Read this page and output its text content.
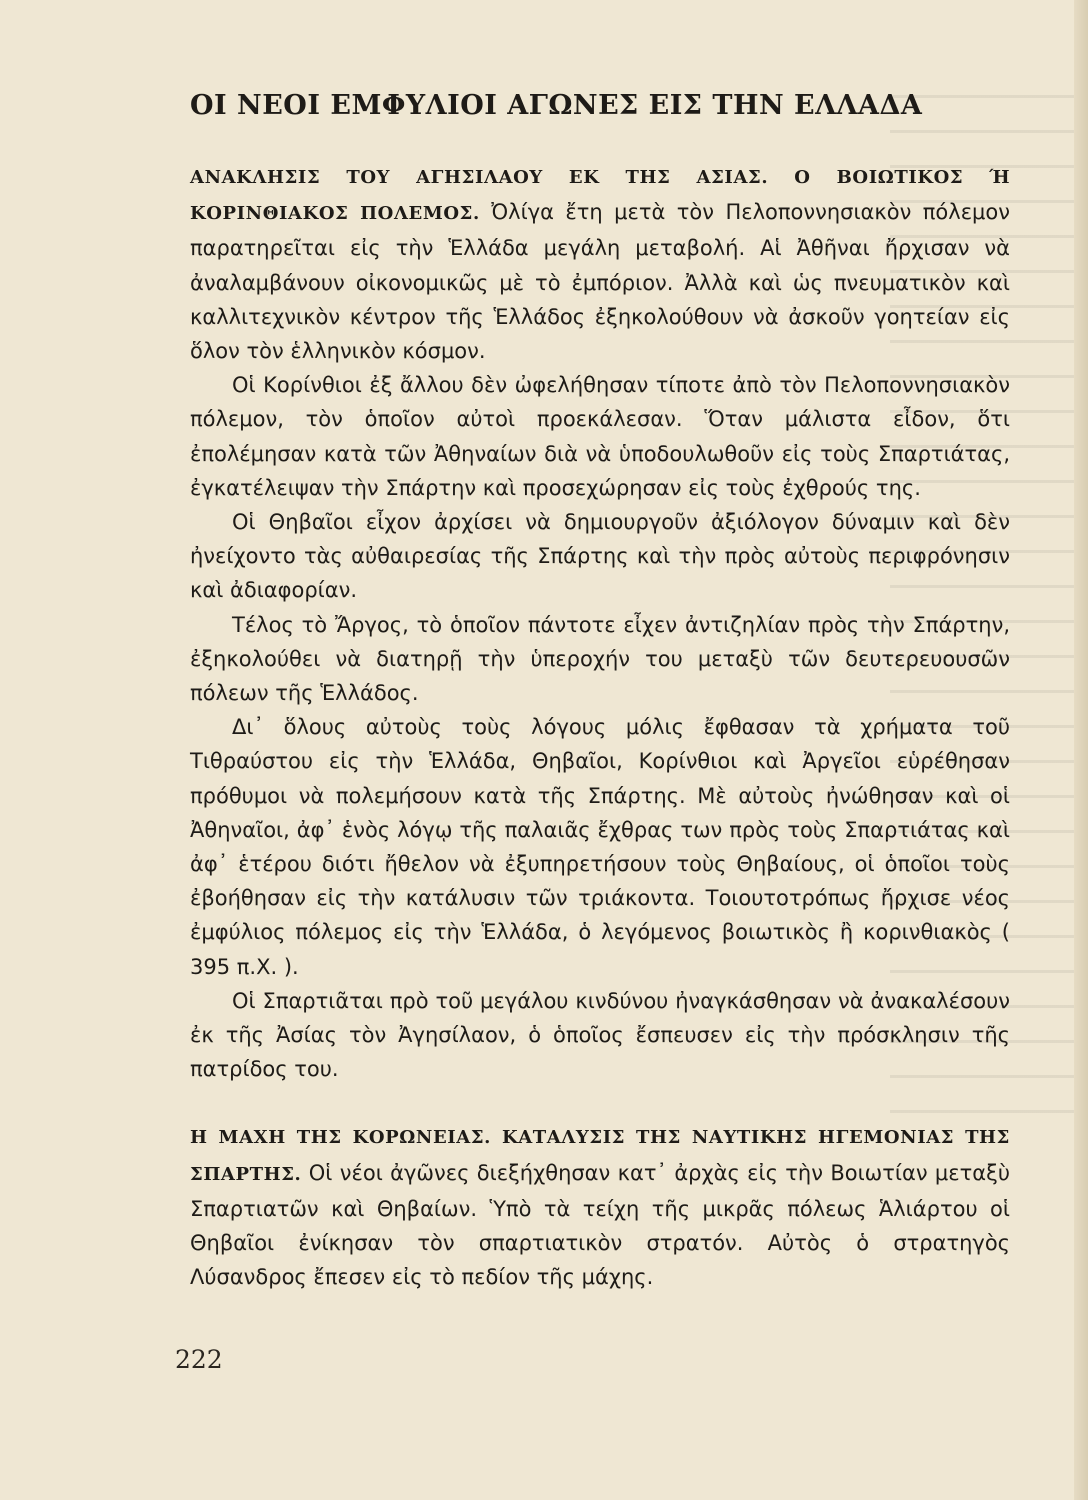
ΟΙ ΝΕΟΙ ΕΜΦΥΛΙΟΙ ΑΓΩΝΕΣ ΕΙΣ ΤΗΝ ΕΛΛΑΔΑ

ΑΝΑΚΛΗΣΙΣ ΤΟΥ ΑΓΗΣΙΛΑΟΥ ΕΚ ΤΗΣ ΑΣΙΑΣ. Ο ΒΟΙΩΤΙΚΟΣ Ή ΚΟΡΙΝΘΙΑΚΟΣ ΠΟΛΕΜΟΣ. Ὀλίγα ἔτη μετὰ τὸν Πελοποννησιακὸν πόλεμον παρατηρεῖται εἰς τὴν Ἑλλάδα μεγάλη μεταβολή. Αἱ Ἀθῆναι ἤρχισαν νὰ ἀναλαμβάνουν οἰκονομικῶς μὲ τὸ ἐμπόριον. Ἀλλὰ καὶ ὡς πνευματικὸν καὶ καλλιτεχνικὸν κέντρον τῆς Ἑλλάδος ἐξηκολούθουν νὰ ἀσκοῦν γοητείαν εἰς ὅλον τὸν ἑλληνικὸν κόσμον.

Οἱ Κορίνθιοι ἐξ ἄλλου δὲν ὠφελήθησαν τίποτε ἀπὸ τὸν Πελοποννησιακὸν πόλεμον, τὸν ὁποῖον αὐτοὶ προεκάλεσαν. Ὅταν μάλιστα εἶδον, ὅτι ἐπολέμησαν κατὰ τῶν Ἀθηναίων διὰ νὰ ὑποδουλωθοῦν εἰς τοὺς Σπαρτιάτας, ἐγκατέλειψαν τὴν Σπάρτην καὶ προσεχώρησαν εἰς τοὺς ἐχθρούς της.

Οἱ Θηβαῖοι εἶχον ἀρχίσει νὰ δημιουργοῦν ἀξιόλογον δύναμιν καὶ δὲν ἠνείχοντο τὰς αὐθαιρεσίας τῆς Σπάρτης καὶ τὴν πρὸς αὐτοὺς περιφρόνησιν καὶ ἀδιαφορίαν.

Τέλος τὸ Ἄργος, τὸ ὁποῖον πάντοτε εἶχεν ἀντιζηλίαν πρὸς τὴν Σπάρτην, ἐξηκολούθει νὰ διατηρῇ τὴν ὑπεροχήν του μεταξὺ τῶν δευτερευουσῶν πόλεων τῆς Ἑλλάδος.

Δι᾽ ὅλους αὐτοὺς τοὺς λόγους μόλις ἔφθασαν τὰ χρήματα τοῦ Τιθραύστου εἰς τὴν Ἑλλάδα, Θηβαῖοι, Κορίνθιοι καὶ Ἀργεῖοι εὑρέθησαν πρόθυμοι νὰ πολεμήσουν κατὰ τῆς Σπάρτης. Μὲ αὐτοὺς ἠνώθησαν καὶ οἱ Ἀθηναῖοι, ἀφ᾽ ἑνὸς λόγῳ τῆς παλαιᾶς ἔχθρας των πρὸς τοὺς Σπαρτιάτας καὶ ἀφ᾽ ἑτέρου διότι ἤθελον νὰ ἐξυπηρετήσουν τοὺς Θηβαίους, οἱ ὁποῖοι τοὺς ἐβοήθησαν εἰς τὴν κατάλυσιν τῶν τριάκοντα. Τοιουτοτρόπως ἤρχισε νέος ἐμφύλιος πόλεμος εἰς τὴν Ἑλλάδα, ὁ λεγόμενος βοιωτικὸς ἢ κορινθιακὸς ( 395 π.Χ. ).

Οἱ Σπαρτιᾶται πρὸ τοῦ μεγάλου κινδύνου ἠναγκάσθησαν νὰ ἀνακαλέσουν ἐκ τῆς Ἀσίας τὸν Ἀγησίλαον, ὁ ὁποῖος ἔσπευσεν εἰς τὴν πρόσκλησιν τῆς πατρίδος του.

Η ΜΑΧΗ ΤΗΣ ΚΟΡΩΝΕΙΑΣ. ΚΑΤΑΛΥΣΙΣ ΤΗΣ ΝΑΥΤΙΚΗΣ ΗΓΕΜΟΝΙΑΣ ΤΗΣ ΣΠΑΡΤΗΣ. Οἱ νέοι ἀγῶνες διεξήχθησαν κατ᾽ ἀρχὰς εἰς τὴν Βοιωτίαν μεταξὺ Σπαρτιατῶν καὶ Θηβαίων. Ὑπὸ τὰ τείχη τῆς μικρᾶς πόλεως Ἁλιάρτου οἱ Θηβαῖοι ἐνίκησαν τὸν σπαρτιατικὸν στρατόν. Αὐτὸς ὁ στρατηγὸς Λύσανδρος ἔπεσεν εἰς τὸ πεδίον τῆς μάχης.

222
